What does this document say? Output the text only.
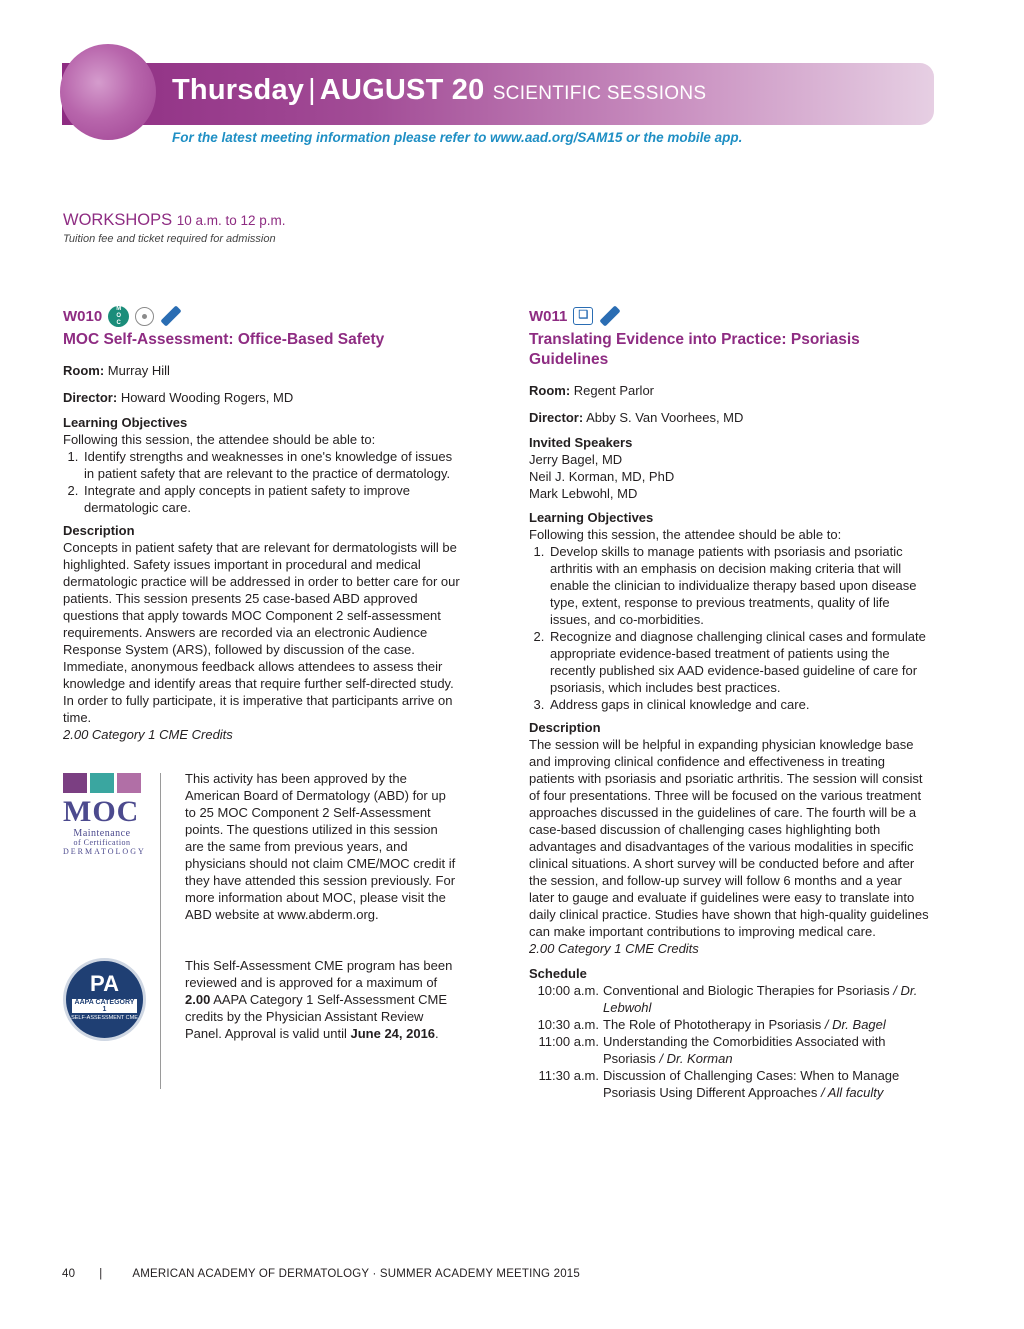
Thursday | AUGUST 20 SCIENTIFIC SESSIONS
For the latest meeting information please refer to www.aad.org/SAM15 or the mobile app.
WORKSHOPS 10 a.m. to 12 p.m.
Tuition fee and ticket required for admission
W010	M
O
C
MOC Self-Assessment: Office-Based Safety
Room: Murray Hill
Director: Howard Wooding Rogers, MD
Learning Objectives
Following this session, the attendee should be able to:
1. Identify strengths and weaknesses in one's knowledge of issues in patient safety that are relevant to the practice of dermatology.
2. Integrate and apply concepts in patient safety to improve dermatologic care.
Description
Concepts in patient safety that are relevant for dermatologists will be highlighted. Safety issues important in procedural and medical dermatologic practice will be addressed in order to better care for our patients. This session presents 25 case-based ABD approved questions that apply towards MOC Component 2 self-assessment requirements. Answers are recorded via an electronic Audience Response System (ARS), followed by discussion of the case. Immediate, anonymous feedback allows attendees to assess their knowledge and identify areas that require further self-directed study. In order to fully participate, it is imperative that participants arrive on time.
2.00 Category 1 CME Credits
MOC
Maintenance
of Certification
DERMATOLOGY
This activity has been approved by the American Board of Dermatology (ABD) for up to 25 MOC Component 2 Self-Assessment points. The questions utilized in this session are the same from previous years, and physicians should not claim CME/MOC credit if they have attended this session previously. For more information about MOC, please visit the ABD website at www.abderm.org.
PA
AAPA CATEGORY 1
SELF-ASSESSMENT CME
This Self-Assessment CME program has been reviewed and is approved for a maximum of 2.00 AAPA Category 1 Self-Assessment CME credits by the Physician Assistant Review Panel. Approval is valid until June 24, 2016.
W011	❑
Translating Evidence into Practice: Psoriasis Guidelines
Room: Regent Parlor
Director: Abby S. Van Voorhees, MD
Invited Speakers
Jerry Bagel, MD
Neil J. Korman, MD, PhD
Mark Lebwohl, MD
Learning Objectives
Following this session, the attendee should be able to:
1. Develop skills to manage patients with psoriasis and psoriatic arthritis with an emphasis on decision making criteria that will enable the clinician to individualize therapy based upon disease type, extent, response to previous treatments, quality of life issues, and co-morbidities.
2. Recognize and diagnose challenging clinical cases and formulate appropriate evidence-based treatment of patients using the recently published six AAD evidence-based guideline of care for psoriasis, which includes best practices.
3. Address gaps in clinical knowledge and care.
Description
The session will be helpful in expanding physician knowledge base and improving clinical confidence and effectiveness in treating patients with psoriasis and psoriatic arthritis. The session will consist of four presentations. Three will be focused on the various treatment approaches discussed in the guidelines of care. The fourth will be a case-based discussion of challenging cases highlighting both advantages and disadvantages of the various modalities in specific clinical situations. A short survey will be conducted before and after the session, and follow-up survey will follow 6 months and a year later to gauge and evaluate if guidelines were easy to translate into daily clinical practice. Studies have shown that high-quality guidelines can make important contributions to improving medical care.
2.00 Category 1 CME Credits
Schedule
10:00 a.m. Conventional and Biologic Therapies for Psoriasis / Dr. Lebwohl
10:30 a.m. The Role of Phototherapy in Psoriasis / Dr. Bagel
11:00 a.m. Understanding the Comorbidities Associated with Psoriasis / Dr. Korman
11:30 a.m. Discussion of Challenging Cases: When to Manage Psoriasis Using Different Approaches / All faculty
40 |	AMERICAN ACADEMY OF DERMATOLOGY · SUMMER ACADEMY MEETING 2015
